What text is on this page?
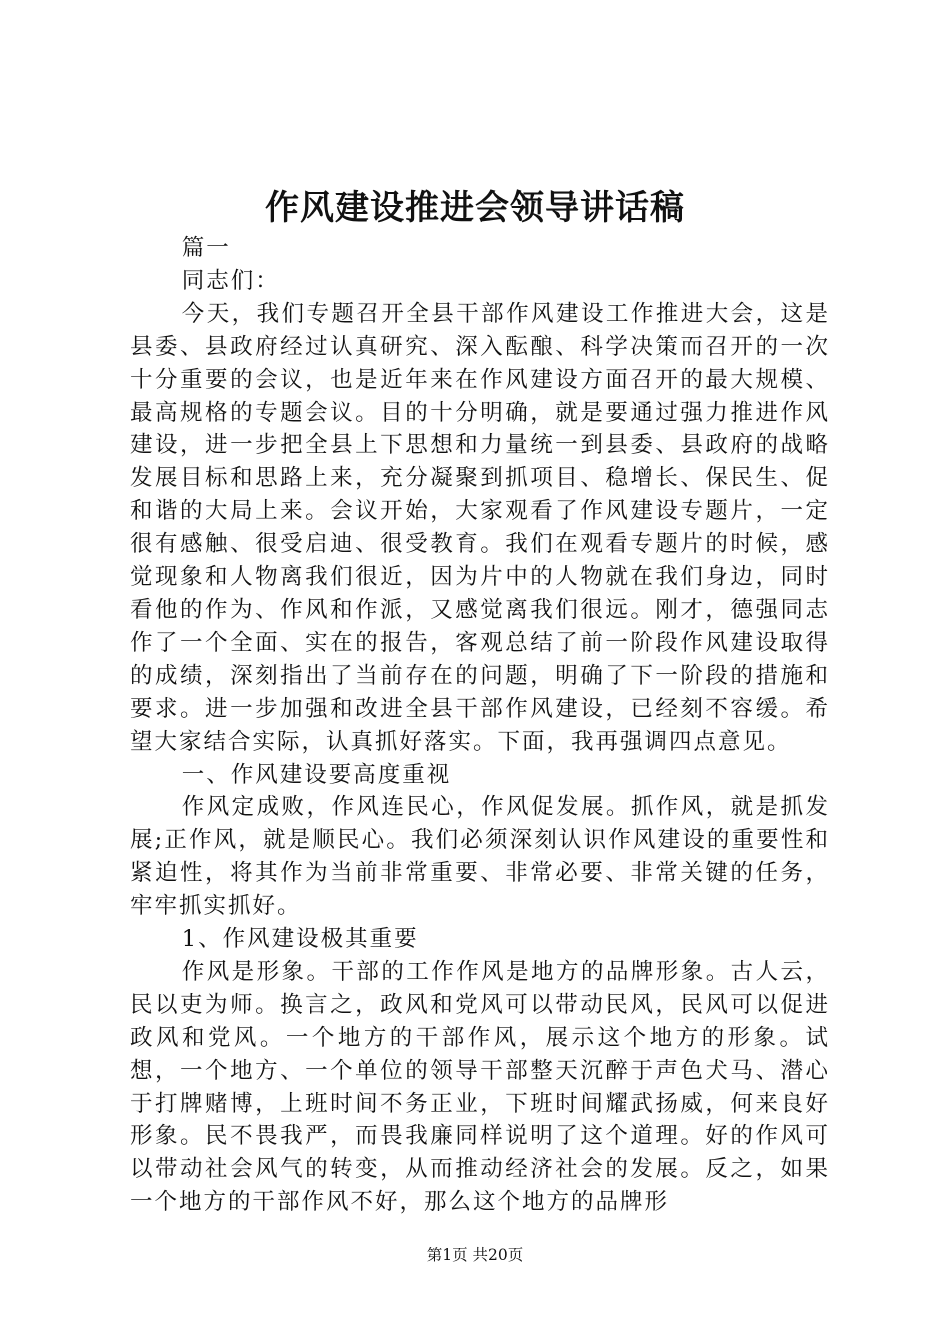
作风建设推进会领导讲话稿

篇一

同志们：

今天，我们专题召开全县干部作风建设工作推进大会，这是县委、县政府经过认真研究、深入酝酿、科学决策而召开的一次十分重要的会议，也是近年来在作风建设方面召开的最大规模、最高规格的专题会议。目的十分明确，就是要通过强力推进作风建设，进一步把全县上下思想和力量统一到县委、县政府的战略发展目标和思路上来，充分凝聚到抓项目、稳增长、保民生、促和谐的大局上来。会议开始，大家观看了作风建设专题片，一定很有感触、很受启迪、很受教育。我们在观看专题片的时候，感觉现象和人物离我们很近，因为片中的人物就在我们身边，同时看他的作为、作风和作派，又感觉离我们很远。刚才，德强同志作了一个全面、实在的报告，客观总结了前一阶段作风建设取得的成绩，深刻指出了当前存在的问题，明确了下一阶段的措施和要求。进一步加强和改进全县干部作风建设，已经刻不容缓。希望大家结合实际，认真抓好落实。下面，我再强调四点意见。

一、作风建设要高度重视

作风定成败，作风连民心，作风促发展。抓作风，就是抓发展;正作风，就是顺民心。我们必须深刻认识作风建设的重要性和紧迫性，将其作为当前非常重要、非常必要、非常关键的任务，牢牢抓实抓好。

1、作风建设极其重要

作风是形象。干部的工作作风是地方的品牌形象。古人云，民以吏为师。换言之，政风和党风可以带动民风，民风可以促进政风和党风。一个地方的干部作风，展示这个地方的形象。试想，一个地方、一个单位的领导干部整天沉醉于声色犬马、潜心于打牌赌博，上班时间不务正业，下班时间耀武扬威，何来良好形象。民不畏我严，而畏我廉同样说明了这个道理。好的作风可以带动社会风气的转变，从而推动经济社会的发展。反之，如果一个地方的干部作风不好，那么这个地方的品牌形

第1页 共20页
